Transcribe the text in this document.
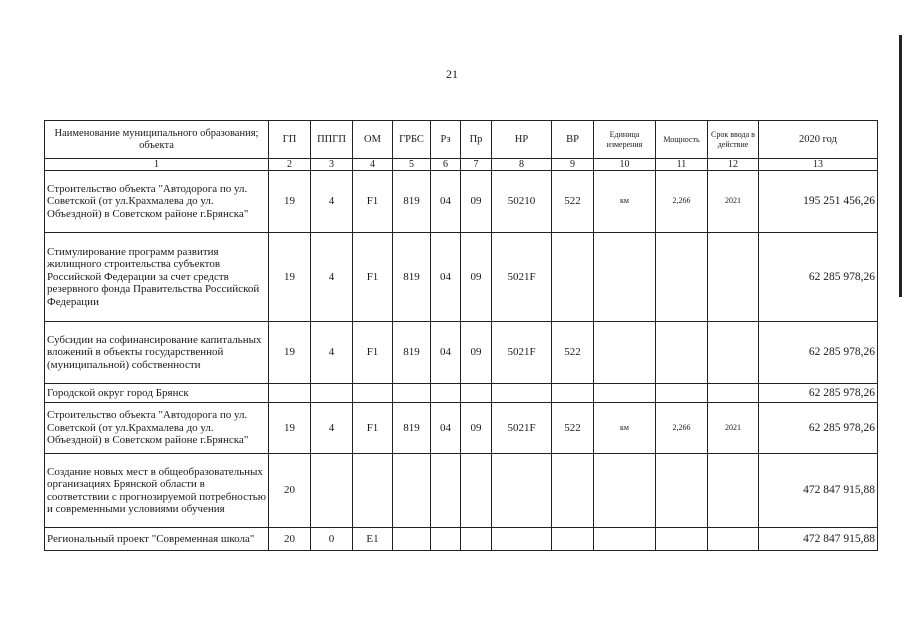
21
Наименование муниципального образования; объекта	ГП	ППГП	ОМ	ГРБС	Рз	Пр	НР	ВР	Единица измерения	Мощность	Срок ввода в действие	2020 год
1	2	3	4	5	6	7	8	9	10	11	12	13
Строительство объекта "Автодорога по ул. Советской (от ул.Крахмалева до ул. Объездной) в Советском районе г.Брянска"	19	4	F1	819	04	09	50210	522	км	2,266	2021	195 251 456,26
Стимулирование программ развития жилищного строительства субъектов Российской Федерации за счет средств резервного фонда Правительства Российской Федерации	19	4	F1	819	04	09	5021F					62 285 978,26
Субсидии на софинансирование капитальных вложений в объекты государственной (муниципальной) собственности	19	4	F1	819	04	09	5021F	522				62 285 978,26
Городской округ город Брянск												62 285 978,26
Строительство объекта "Автодорога по ул. Советской (от ул.Крахмалева до ул. Объездной) в Советском районе г.Брянска"	19	4	F1	819	04	09	5021F	522	км	2,266	2021	62 285 978,26
Создание новых мест в общеобразовательных организациях Брянской области в соответствии с прогнозируемой потребностью и современными условиями обучения	20											472 847 915,88
Региональный проект "Современная школа"	20	0	E1									472 847 915,88
